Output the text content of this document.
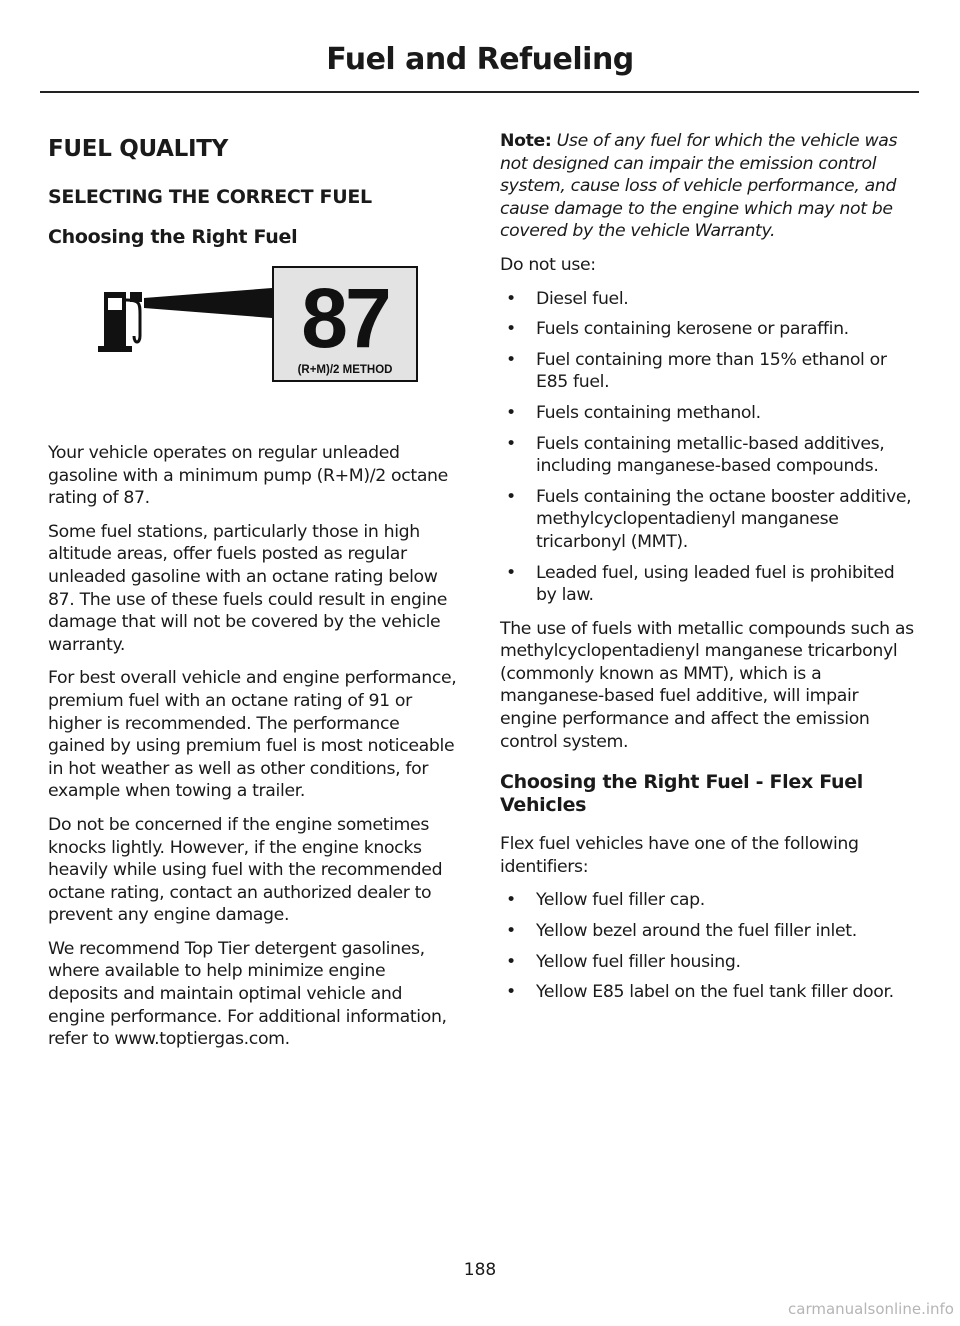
Fuel and Refueling
FUEL QUALITY
SELECTING THE CORRECT FUEL
Choosing the Right Fuel
87
(R+M)/2 METHOD

Your vehicle operates on regular unleaded gasoline with a minimum pump (R+M)/2 octane rating of 87.

Some fuel stations, particularly those in high altitude areas, offer fuels posted as regular unleaded gasoline with an octane rating below 87. The use of these fuels could result in engine damage that will not be covered by the vehicle warranty.

For best overall vehicle and engine performance, premium fuel with an octane rating of 91 or higher is recommended. The performance gained by using premium fuel is most noticeable in hot weather as well as other conditions, for example when towing a trailer.

Do not be concerned if the engine sometimes knocks lightly. However, if the engine knocks heavily while using fuel with the recommended octane rating, contact an authorized dealer to prevent any engine damage.

We recommend Top Tier detergent gasolines, where available to help minimize engine deposits and maintain optimal vehicle and engine performance. For additional information, refer to www.toptiergas.com.

Note: Use of any fuel for which the vehicle was not designed can impair the emission control system, cause loss of vehicle performance, and cause damage to the engine which may not be covered by the vehicle Warranty.

Do not use:

• Diesel fuel.
• Fuels containing kerosene or paraffin.
• Fuel containing more than 15% ethanol or E85 fuel.
• Fuels containing methanol.
• Fuels containing metallic-based additives, including manganese-based compounds.
• Fuels containing the octane booster additive, methylcyclopentadienyl manganese tricarbonyl (MMT).
• Leaded fuel, using leaded fuel is prohibited by law.

The use of fuels with metallic compounds such as methylcyclopentadienyl manganese tricarbonyl (commonly known as MMT), which is a manganese-based fuel additive, will impair engine performance and affect the emission control system.

Choosing the Right Fuel - Flex Fuel Vehicles

Flex fuel vehicles have one of the following identifiers:

• Yellow fuel filler cap.
• Yellow bezel around the fuel filler inlet.
• Yellow fuel filler housing.
• Yellow E85 label on the fuel tank filler door.
188
carmanualsonline.info
